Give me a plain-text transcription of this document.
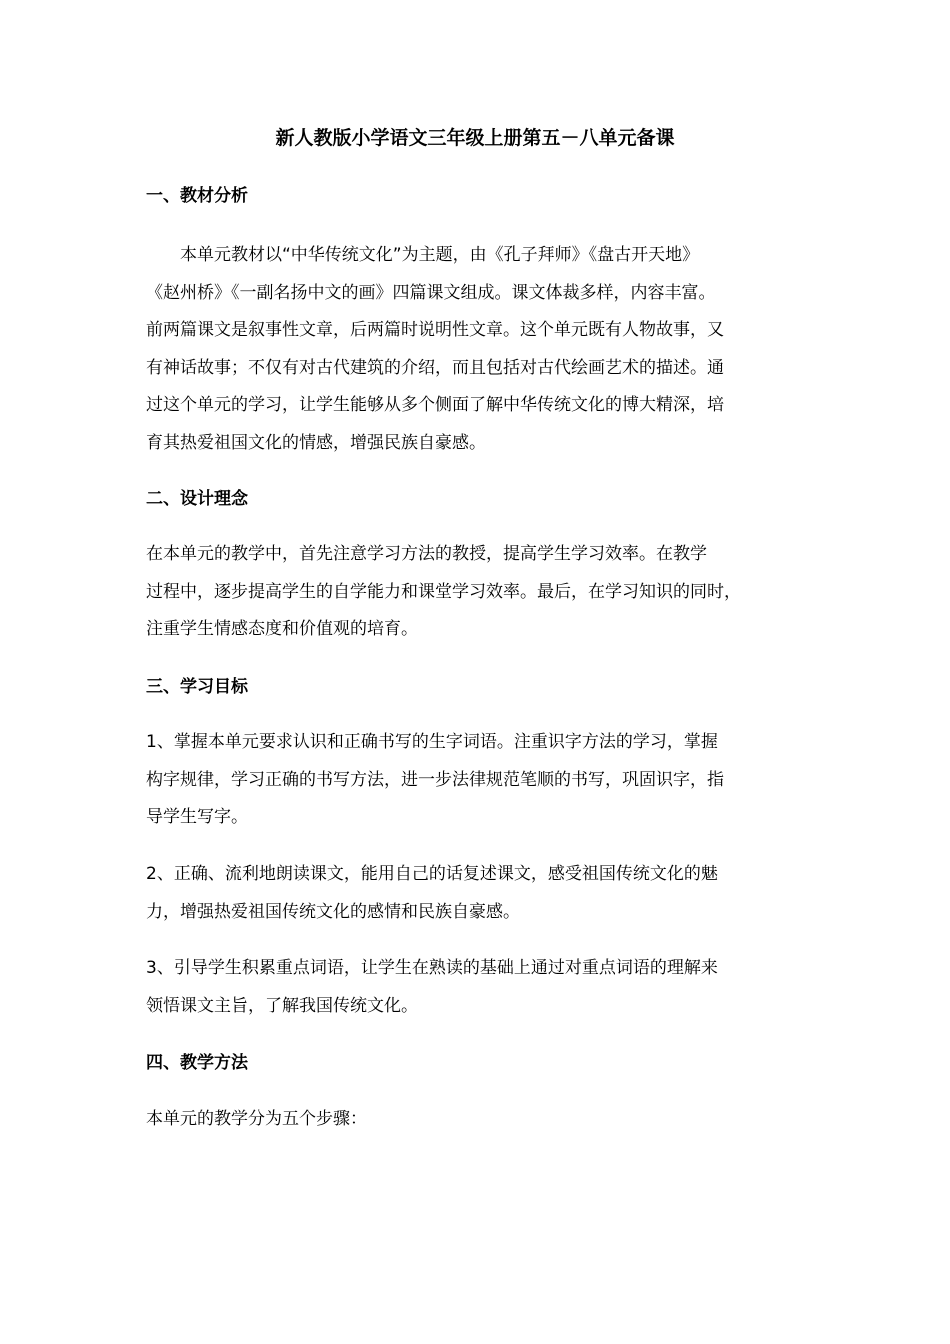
新人教版小学语文三年级上册第五－八单元备课
一、教材分析
　　本单元教材以“中华传统文化”为主题，由《孔子拜师》《盘古开天地》
《赵州桥》《一副名扬中文的画》四篇课文组成。课文体裁多样，内容丰富。
前两篇课文是叙事性文章，后两篇时说明性文章。这个单元既有人物故事，又
有神话故事；不仅有对古代建筑的介绍，而且包括对古代绘画艺术的描述。通
过这个单元的学习，让学生能够从多个侧面了解中华传统文化的博大精深，培
育其热爱祖国文化的情感，增强民族自豪感。
二、设计理念
在本单元的教学中，首先注意学习方法的教授，提高学生学习效率。在教学
过程中，逐步提高学生的自学能力和课堂学习效率。最后，在学习知识的同时，
注重学生情感态度和价值观的培育。
三、学习目标
1、掌握本单元要求认识和正确书写的生字词语。注重识字方法的学习，掌握
构字规律，学习正确的书写方法，进一步法律规范笔顺的书写，巩固识字，指
导学生写字。
2、正确、流利地朗读课文，能用自己的话复述课文，感受祖国传统文化的魅
力，增强热爱祖国传统文化的感情和民族自豪感。
3、引导学生积累重点词语，让学生在熟读的基础上通过对重点词语的理解来
领悟课文主旨，了解我国传统文化。
四、教学方法
本单元的教学分为五个步骤：
